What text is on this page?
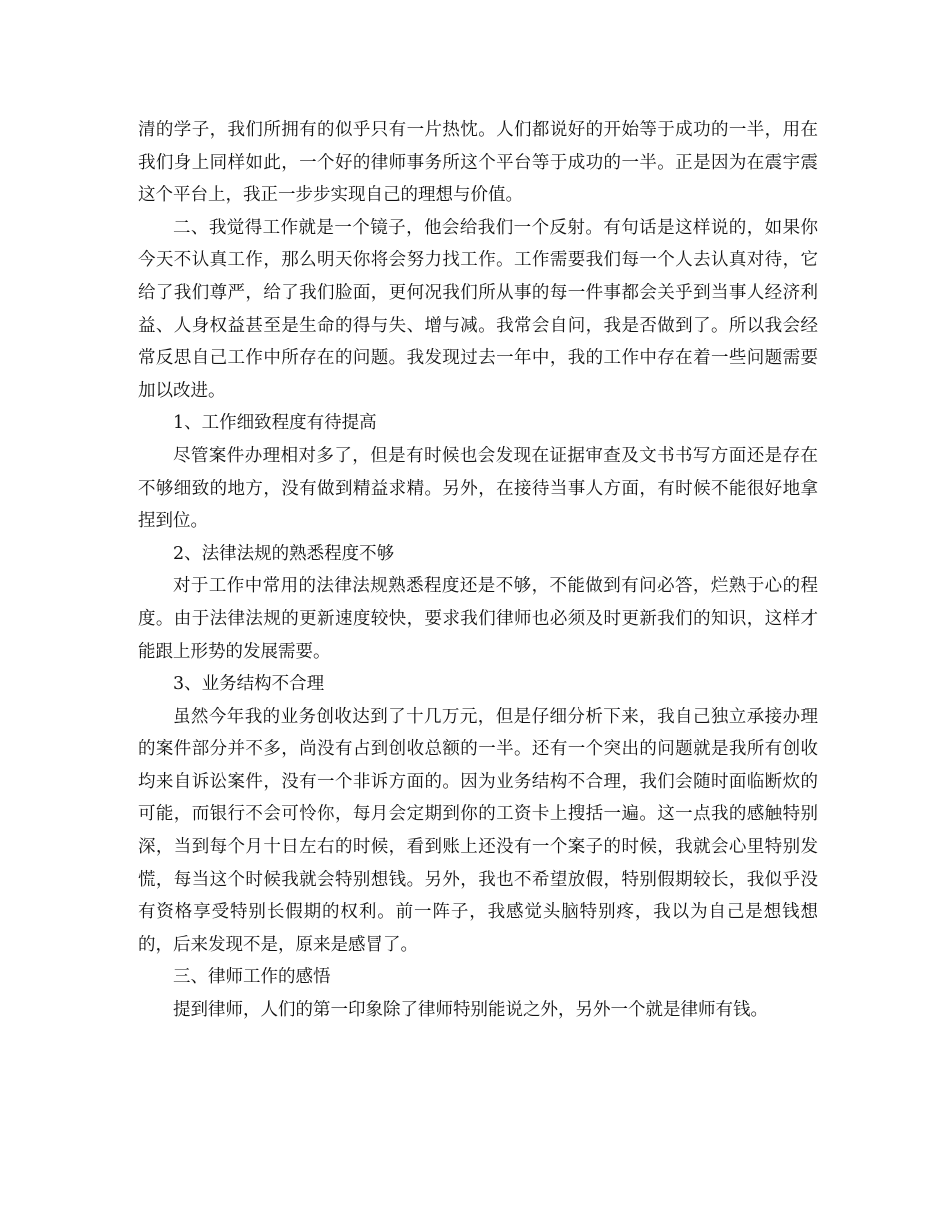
清的学子，我们所拥有的似乎只有一片热忱。人们都说好的开始等于成功的一半，用在我们身上同样如此，一个好的律师事务所这个平台等于成功的一半。正是因为在震宇震这个平台上，我正一步步实现自己的理想与价值。

二、我觉得工作就是一个镜子，他会给我们一个反射。有句话是这样说的，如果你今天不认真工作，那么明天你将会努力找工作。工作需要我们每一个人去认真对待，它给了我们尊严，给了我们脸面，更何况我们所从事的每一件事都会关乎到当事人经济利益、人身权益甚至是生命的得与失、增与减。我常会自问，我是否做到了。所以我会经常反思自己工作中所存在的问题。我发现过去一年中，我的工作中存在着一些问题需要加以改进。

1、工作细致程度有待提高

尽管案件办理相对多了，但是有时候也会发现在证据审查及文书书写方面还是存在不够细致的地方，没有做到精益求精。另外，在接待当事人方面，有时候不能很好地拿捏到位。

2、法律法规的熟悉程度不够

对于工作中常用的法律法规熟悉程度还是不够，不能做到有问必答，烂熟于心的程度。由于法律法规的更新速度较快，要求我们律师也必须及时更新我们的知识，这样才能跟上形势的发展需要。

3、业务结构不合理

虽然今年我的业务创收达到了十几万元，但是仔细分析下来，我自己独立承接办理的案件部分并不多，尚没有占到创收总额的一半。还有一个突出的问题就是我所有创收均来自诉讼案件，没有一个非诉方面的。因为业务结构不合理，我们会随时面临断炊的可能，而银行不会可怜你，每月会定期到你的工资卡上搜括一遍。这一点我的感触特别深，当到每个月十日左右的时候，看到账上还没有一个案子的时候，我就会心里特别发慌，每当这个时候我就会特别想钱。另外，我也不希望放假，特别假期较长，我似乎没有资格享受特别长假期的权利。前一阵子，我感觉头脑特别疼，我以为自己是想钱想的，后来发现不是，原来是感冒了。

三、律师工作的感悟

提到律师，人们的第一印象除了律师特别能说之外，另外一个就是律师有钱。
